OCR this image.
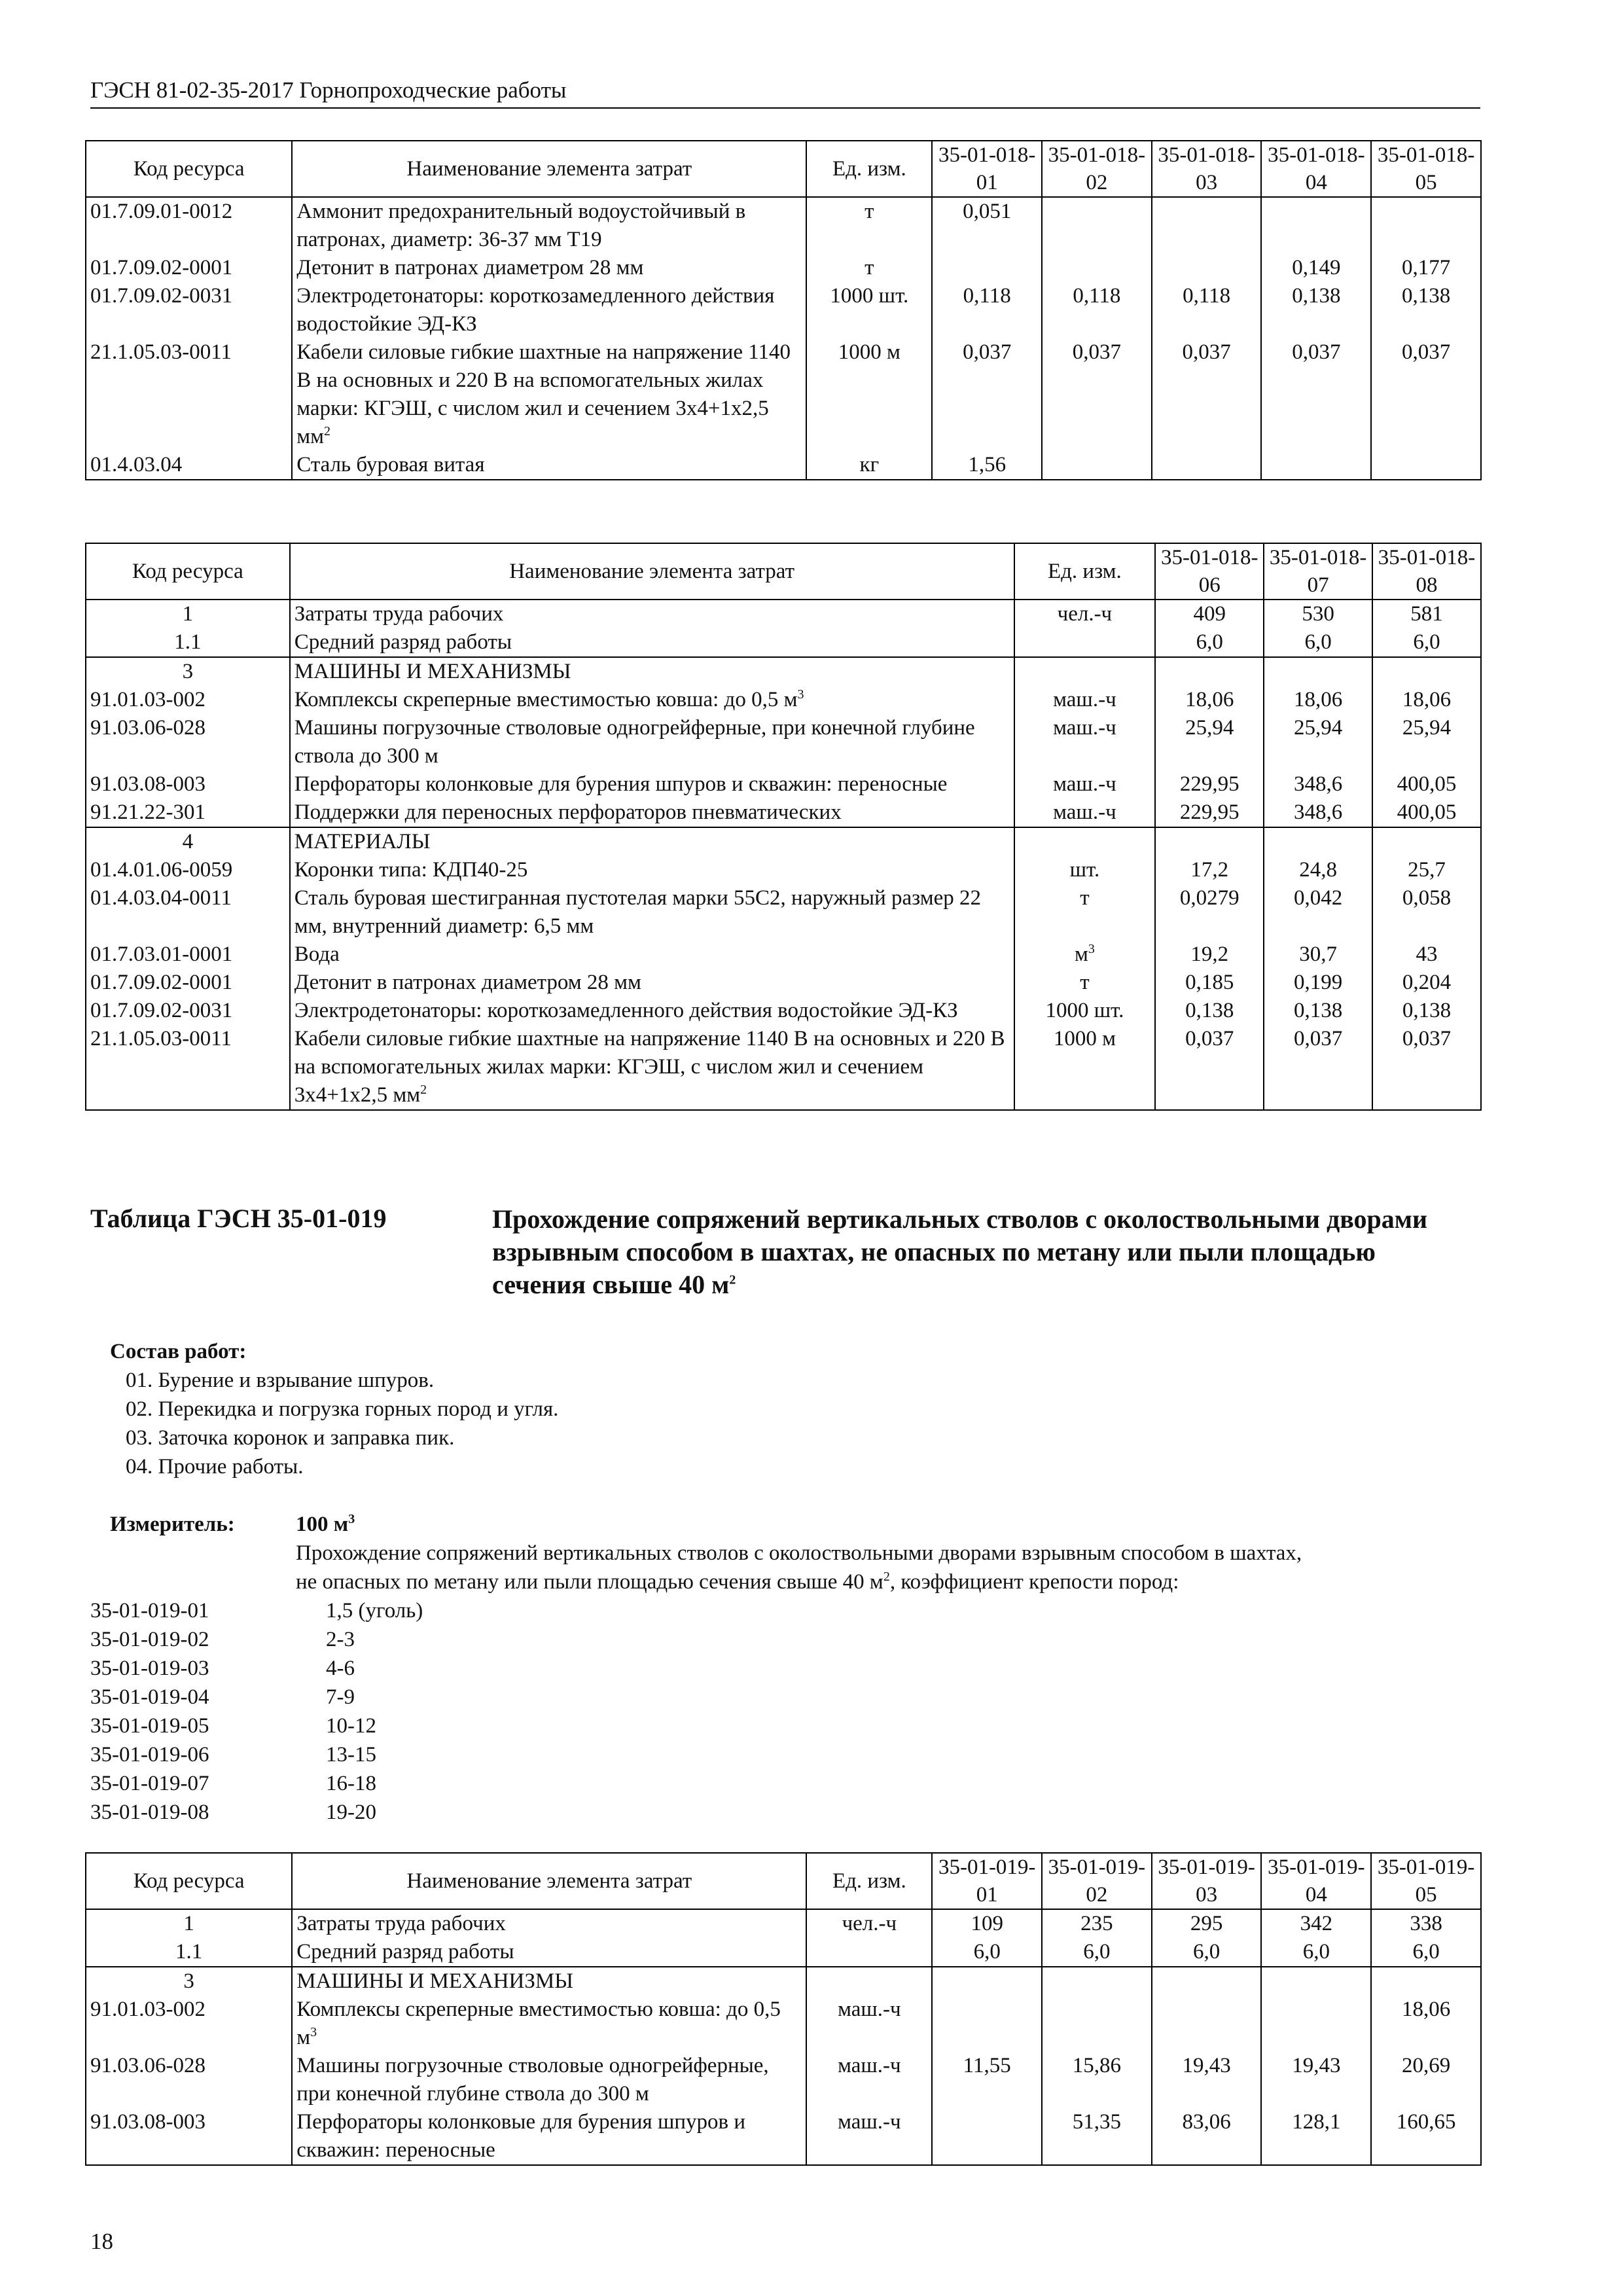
ГЭСН 81-02-35-2017 Горнопроходческие работы
Код ресурса	Наименование элемента затрат	Ед. изм.	35-01-018-01	35-01-018-02	35-01-018-03	35-01-018-04	35-01-018-05
01.7.09.01-0012	Аммонит предохранительный водоустойчивый в патронах, диаметр: 36-37 мм Т19	т	0,051				
01.7.09.02-0001	Детонит в патронах диаметром 28 мм	т				0,149	0,177
01.7.09.02-0031	Электродетонаторы: короткозамедленного действия водостойкие ЭД-КЗ	1000 шт.	0,118	0,118	0,118	0,138	0,138
21.1.05.03-0011	Кабели силовые гибкие шахтные на напряжение 1140 В на основных и 220 В на вспомогательных жилах марки: КГЭШ, с числом жил и сечением 3х4+1х2,5 $мм^2$	1000 м	0,037	0,037	0,037	0,037	0,037
01.4.03.04	Сталь буровая витая	кг	1,56				
Код ресурса	Наименование элемента затрат	Ед. изм.	35-01-018-06	35-01-018-07	35-01-018-08
1	Затраты труда рабочих	чел.-ч	409	530	581
1.1	Средний разряд работы		6,0	6,0	6,0
3	МАШИНЫ И МЕХАНИЗМЫ				
91.01.03-002	Комплексы скреперные вместимостью ковша: до 0,5 $м^3$	маш.-ч	18,06	18,06	18,06
91.03.06-028	Машины погрузочные стволовые одногрейферные, при конечной глубине ствола до 300 м	маш.-ч	25,94	25,94	25,94
91.03.08-003	Перфораторы колонковые для бурения шпуров и скважин: переносные	маш.-ч	229,95	348,6	400,05
91.21.22-301	Поддержки для переносных перфораторов пневматических	маш.-ч	229,95	348,6	400,05
4	МАТЕРИАЛЫ				
01.4.01.06-0059	Коронки типа: КДП40-25	шт.	17,2	24,8	25,7
01.4.03.04-0011	Сталь буровая шестигранная пустотелая марки 55С2, наружный размер 22 мм, внутренний диаметр: 6,5 мм	т	0,0279	0,042	0,058
01.7.03.01-0001	Вода	$м^3$	19,2	30,7	43
01.7.09.02-0001	Детонит в патронах диаметром 28 мм	т	0,185	0,199	0,204
01.7.09.02-0031	Электродетонаторы: короткозамедленного действия водостойкие ЭД-КЗ	1000 шт.	0,138	0,138	0,138
21.1.05.03-0011	Кабели силовые гибкие шахтные на напряжение 1140 В на основных и 220 В на вспомогательных жилах марки: КГЭШ, с числом жил и сечением 3х4+1х2,5 $мм^2$	1000 м	0,037	0,037	0,037
Таблица ГЭСН 35-01-019	Прохождение сопряжений вертикальных стволов с околоствольными дворами взрывным способом в шахтах, не опасных по метану или пыли площадью сечения свыше 40 $м^2$
Состав работ:
01. Бурение и взрывание шпуров.
02. Перекидка и погрузка горных пород и угля.
03. Заточка коронок и заправка пик.
04. Прочие работы.
Измеритель:	100 $м^3$
Прохождение сопряжений вертикальных стволов с околоствольными дворами взрывным способом в шахтах,
не опасных по метану или пыли площадью сечения свыше 40 $м^2$, коэффициент крепости пород:
35-01-019-01	1,5 (уголь)
35-01-019-02	2-3
35-01-019-03	4-6
35-01-019-04	7-9
35-01-019-05	10-12
35-01-019-06	13-15
35-01-019-07	16-18
35-01-019-08	19-20
Код ресурса	Наименование элемента затрат	Ед. изм.	35-01-019-01	35-01-019-02	35-01-019-03	35-01-019-04	35-01-019-05
1	Затраты труда рабочих	чел.-ч	109	235	295	342	338
1.1	Средний разряд работы		6,0	6,0	6,0	6,0	6,0
3	МАШИНЫ И МЕХАНИЗМЫ						
91.01.03-002	Комплексы скреперные вместимостью ковша: до 0,5 $м^3$	маш.-ч					18,06
91.03.06-028	Машины погрузочные стволовые одногрейферные, при конечной глубине ствола до 300 м	маш.-ч	11,55	15,86	19,43	19,43	20,69
91.03.08-003	Перфораторы колонковые для бурения шпуров и скважин: переносные	маш.-ч		51,35	83,06	128,1	160,65
18
